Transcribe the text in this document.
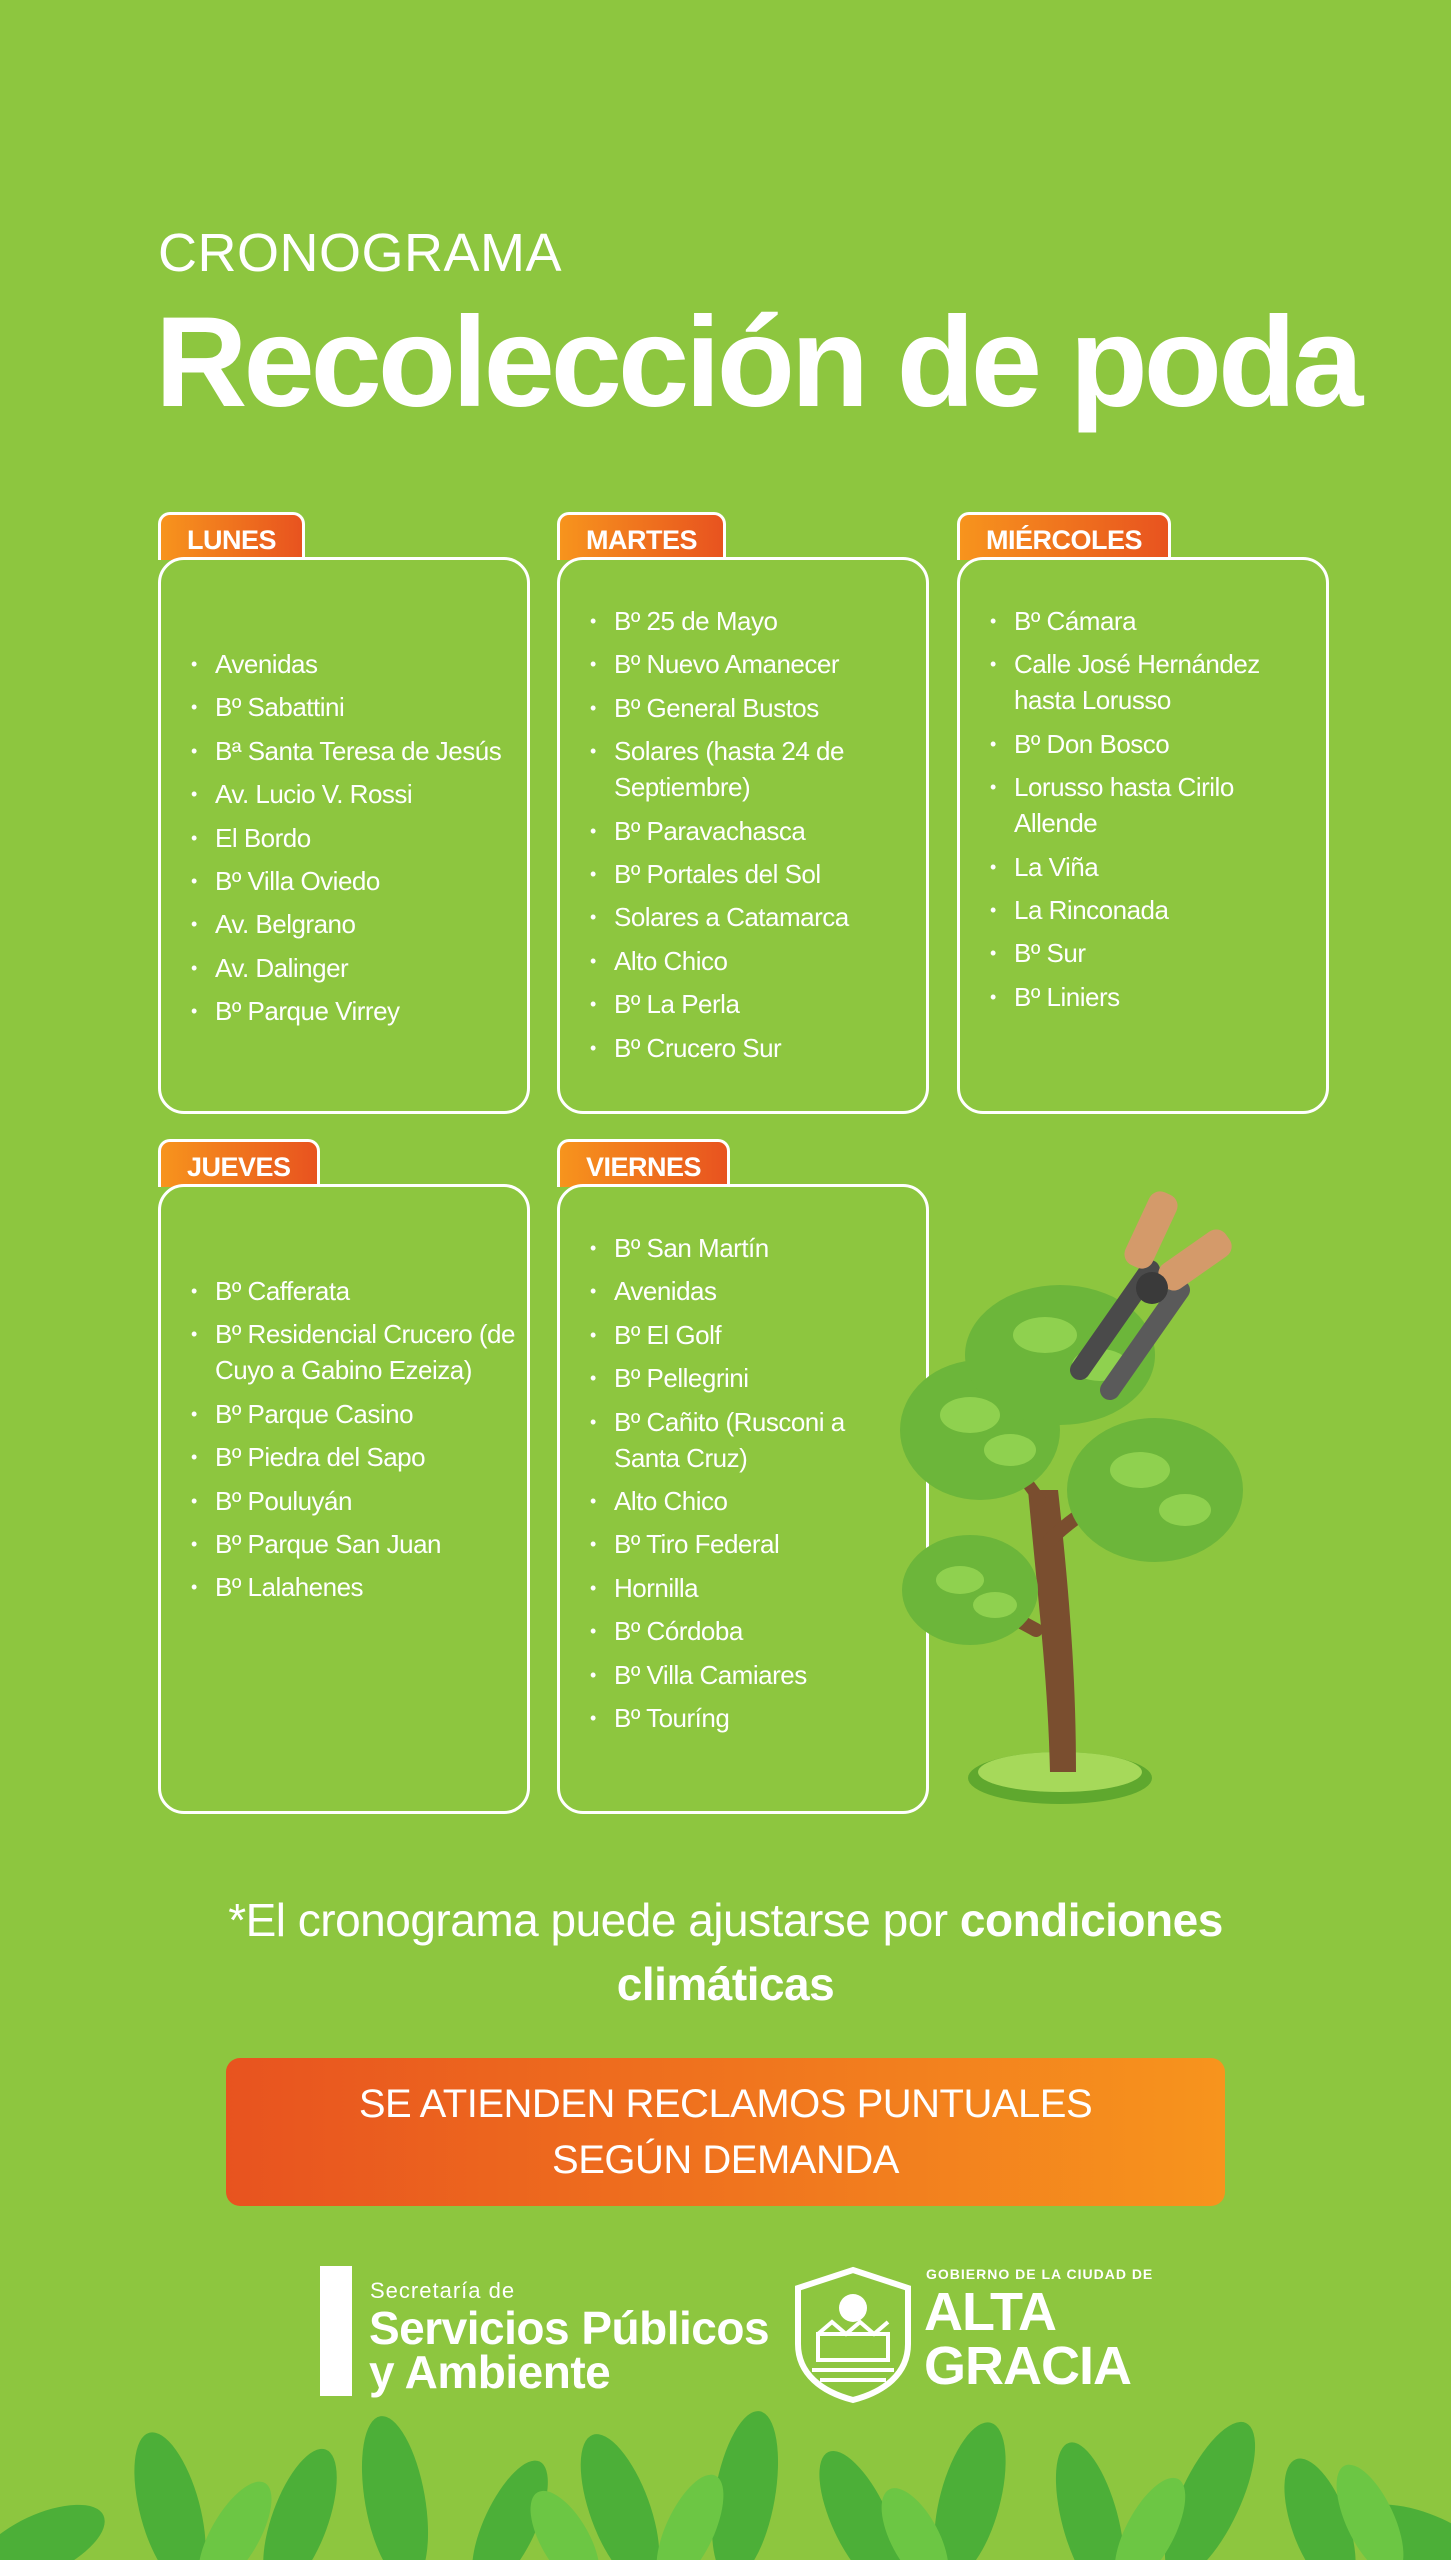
CRONOGRAMA
Recolección de poda
LUNES
• Avenidas
• Bº Sabattini
• Bª Santa Teresa de Jesús
• Av. Lucio V. Rossi
• El Bordo
• Bº Villa Oviedo
• Av. Belgrano
• Av. Dalinger
• Bº Parque Virrey
MARTES
• Bº 25 de Mayo
• Bº Nuevo Amanecer
• Bº General Bustos
• Solares (hasta 24 de Septiembre)
• Bº Paravachasca
• Bº Portales del Sol
• Solares a Catamarca
• Alto Chico
• Bº La Perla
• Bº Crucero Sur
MIÉRCOLES
• Bº Cámara
• Calle José Hernández hasta Lorusso
• Bº Don Bosco
• Lorusso hasta Cirilo Allende
• La Viña
• La Rinconada
• Bº Sur
• Bº Liniers
JUEVES
• Bº Cafferata
• Bº Residencial Crucero (de Cuyo a Gabino Ezeiza)
• Bº Parque Casino
• Bº Piedra del Sapo
• Bº Pouluyán
• Bº Parque San Juan
• Bº Lalahenes
VIERNES
• Bº San Martín
• Avenidas
• Bº El Golf
• Bº Pellegrini
• Bº Cañito (Rusconi a Santa Cruz)
• Alto Chico
• Bº Tiro Federal
• Hornilla
• Bº Córdoba
• Bº Villa Camiares
• Bº Touríng
*El cronograma puede ajustarse por condiciones climáticas
SE ATIENDEN RECLAMOS PUNTUALES
SEGÚN DEMANDA
Secretaría de
Servicios Públicos
y Ambiente
GOBIERNO DE LA CIUDAD DE
ALTA
GRACIA
